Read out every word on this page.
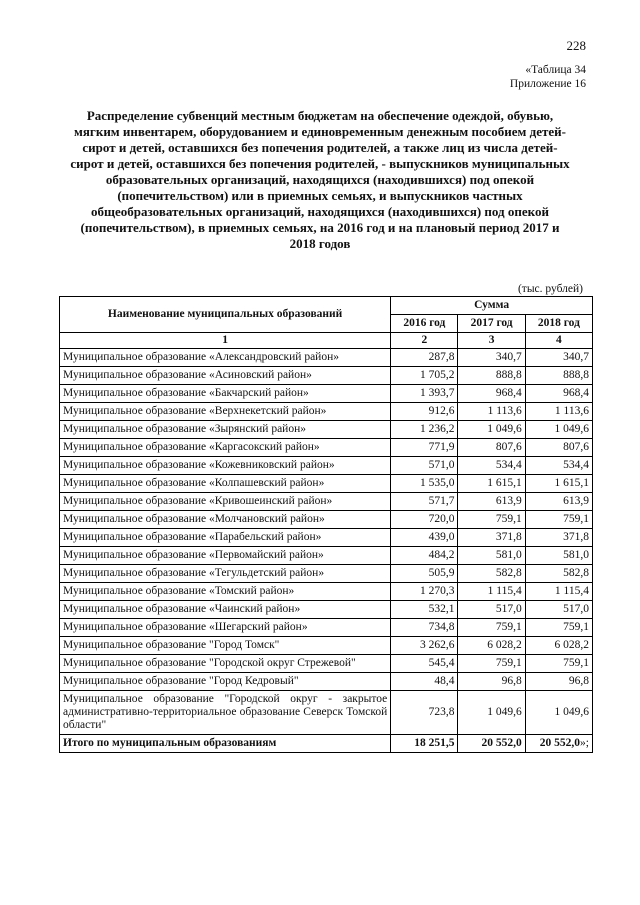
228
«Таблица 34
Приложение 16
Распределение субвенций местным бюджетам на обеспечение одеждой, обувью, мягким инвентарем, оборудованием и единовременным денежным пособием детей-сирот и детей, оставшихся без попечения родителей, а также лиц из числа детей-сирот и детей, оставшихся без попечения родителей, - выпускников муниципальных образовательных организаций, находящихся (находившихся) под опекой (попечительством) или в приемных семьях, и выпускников частных общеобразовательных организаций, находящихся (находившихся) под опекой (попечительством), в приемных семьях, на 2016 год и на плановый период 2017 и 2018 годов
(тыс. рублей)
Наименование муниципальных образований	Сумма		
	2016 год	2017 год	2018 год
1	2	3	4
Муниципальное образование «Александровский район»	287,8	340,7	340,7
Муниципальное образование «Асиновский район»	1 705,2	888,8	888,8
Муниципальное образование «Бакчарский район»	1 393,7	968,4	968,4
Муниципальное образование «Верхнекетский район»	912,6	1 113,6	1 113,6
Муниципальное образование «Зырянский район»	1 236,2	1 049,6	1 049,6
Муниципальное образование «Каргасокский район»	771,9	807,6	807,6
Муниципальное образование «Кожевниковский район»	571,0	534,4	534,4
Муниципальное образование «Колпашевский район»	1 535,0	1 615,1	1 615,1
Муниципальное образование «Кривошеинский район»	571,7	613,9	613,9
Муниципальное образование «Молчановский район»	720,0	759,1	759,1
Муниципальное образование «Парабельский район»	439,0	371,8	371,8
Муниципальное образование «Первомайский район»	484,2	581,0	581,0
Муниципальное образование «Тегульдетский район»	505,9	582,8	582,8
Муниципальное образование «Томский район»	1 270,3	1 115,4	1 115,4
Муниципальное образование «Чаинский район»	532,1	517,0	517,0
Муниципальное образование «Шегарский район»	734,8	759,1	759,1
Муниципальное образование "Город Томск"	3 262,6	6 028,2	6 028,2
Муниципальное образование "Городской округ Стрежевой"	545,4	759,1	759,1
Муниципальное образование "Город Кедровый"	48,4	96,8	96,8
Муниципальное образование "Городской округ - закрытое административно-территориальное образование Северск Томской области"	723,8	1 049,6	1 049,6
Итого по муниципальным образованиям	18 251,5	20 552,0	20 552,0»;
